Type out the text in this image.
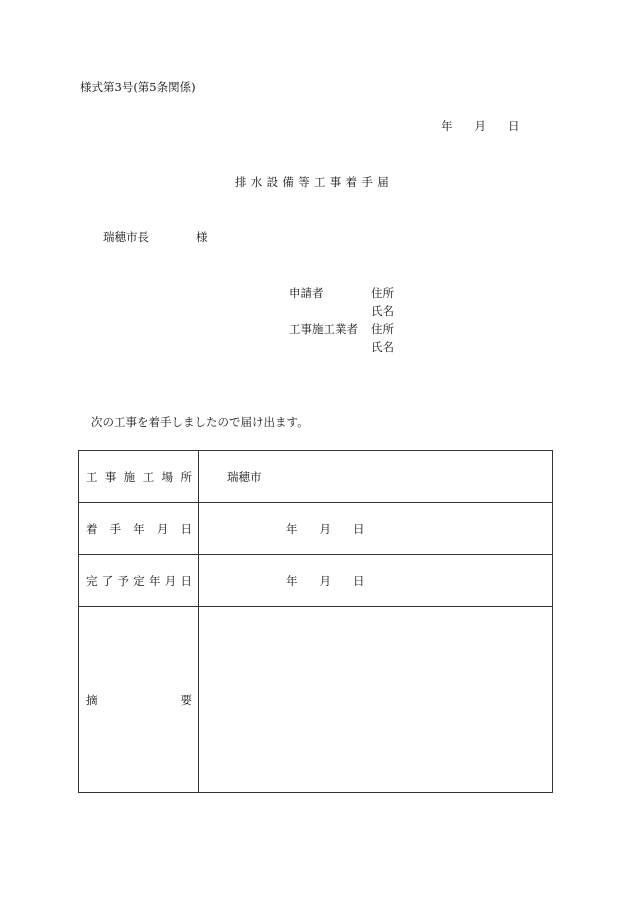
様式第3号(第5条関係)
年 月 日
排水設備等工事着手届
瑞穂市長	様
申請者	住所
氏名
工事施工業者 住所
氏名
次の工事を着手しましたので届け出ます。
工事施工場所	瑞穂市

着手年月日	年 月 日

完了予定年月日	年 月 日

摘要	
